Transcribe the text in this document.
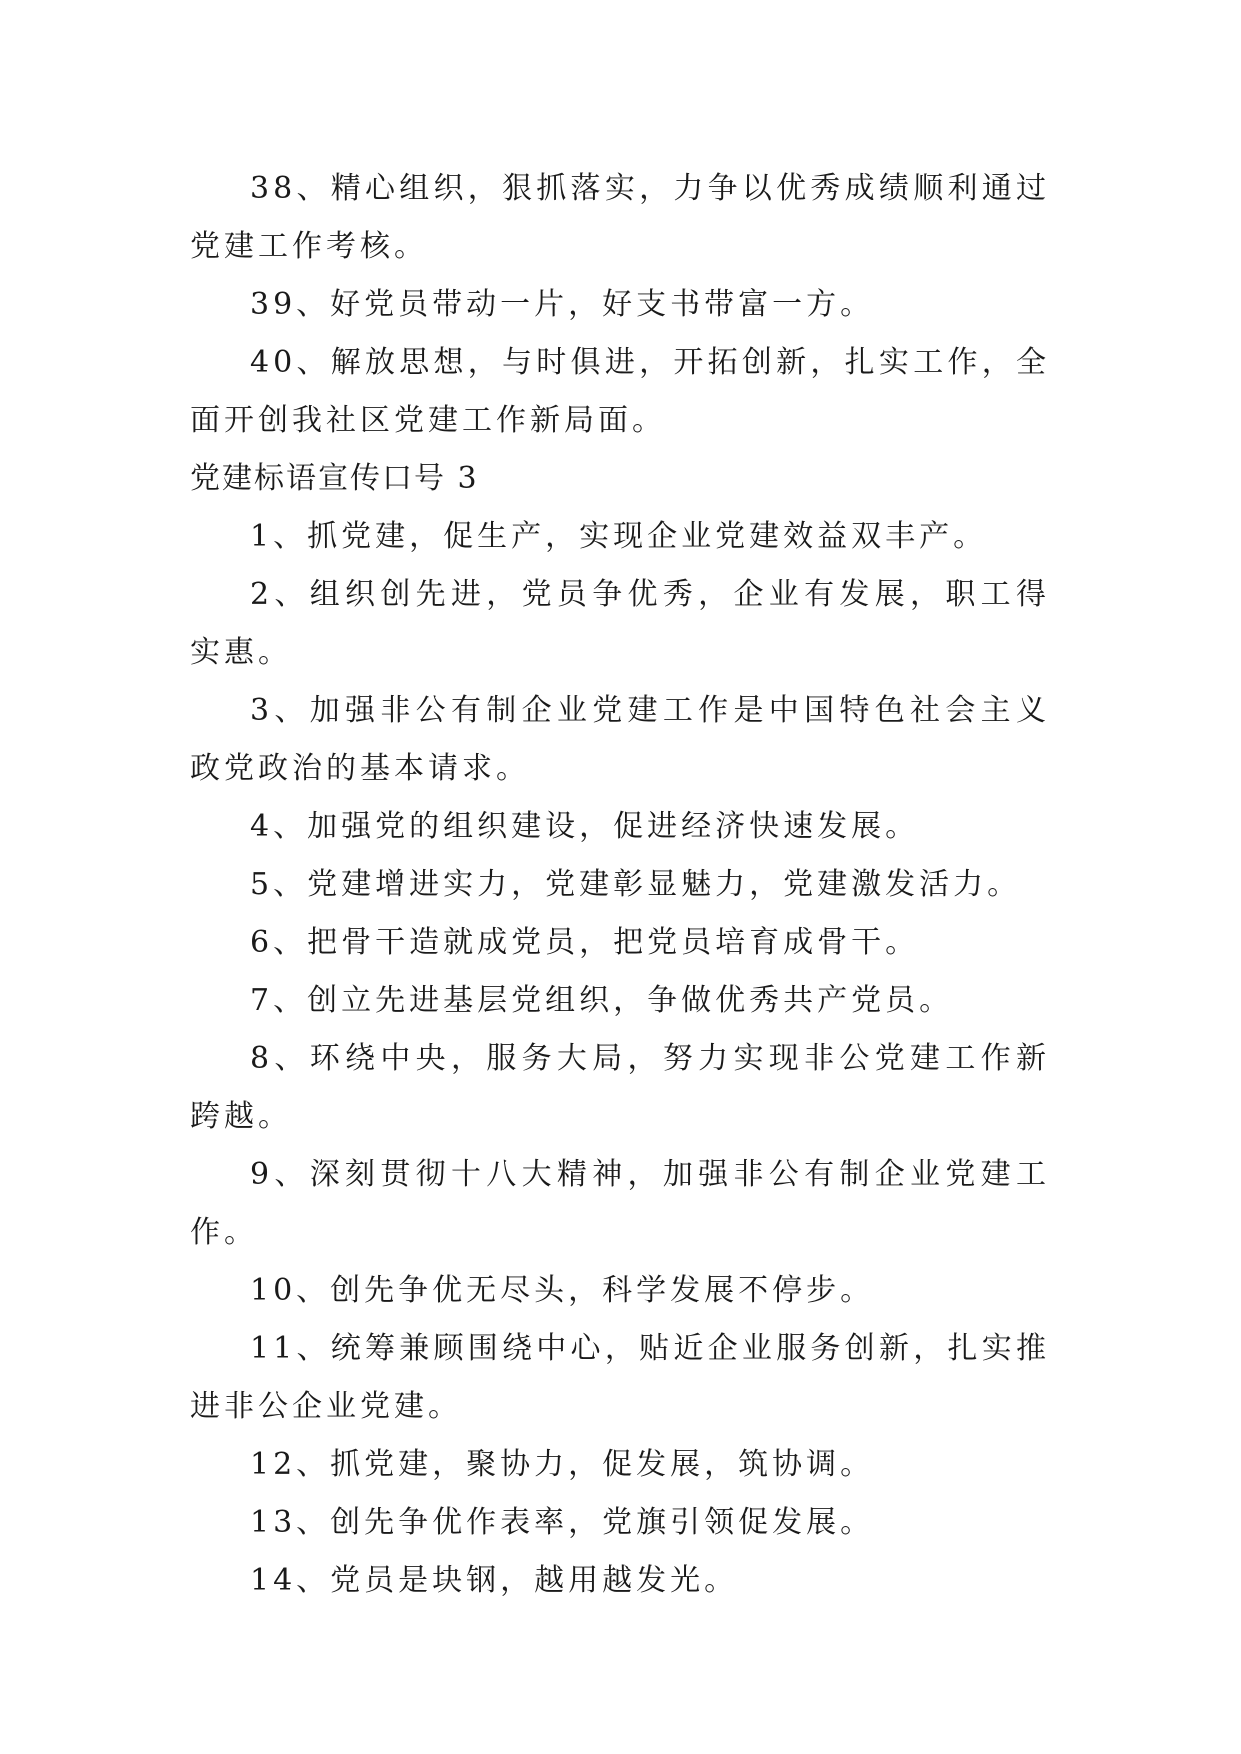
38、精心组织，狠抓落实，力争以优秀成绩顺利通过党建工作考核。

39、好党员带动一片，好支书带富一方。

40、解放思想，与时俱进，开拓创新，扎实工作，全面开创我社区党建工作新局面。

党建标语宣传口号 3

1、抓党建，促生产，实现企业党建效益双丰产。

2、组织创先进，党员争优秀，企业有发展，职工得实惠。

3、加强非公有制企业党建工作是中国特色社会主义政党政治的基本请求。

4、加强党的组织建设，促进经济快速发展。

5、党建增进实力，党建彰显魅力，党建激发活力。

6、把骨干造就成党员，把党员培育成骨干。

7、创立先进基层党组织，争做优秀共产党员。

8、环绕中央，服务大局，努力实现非公党建工作新跨越。

9、深刻贯彻十八大精神，加强非公有制企业党建工作。

10、创先争优无尽头，科学发展不停步。

11、统筹兼顾围绕中心，贴近企业服务创新，扎实推进非公企业党建。

12、抓党建，聚协力，促发展，筑协调。

13、创先争优作表率，党旗引领促发展。

14、党员是块钢，越用越发光。
